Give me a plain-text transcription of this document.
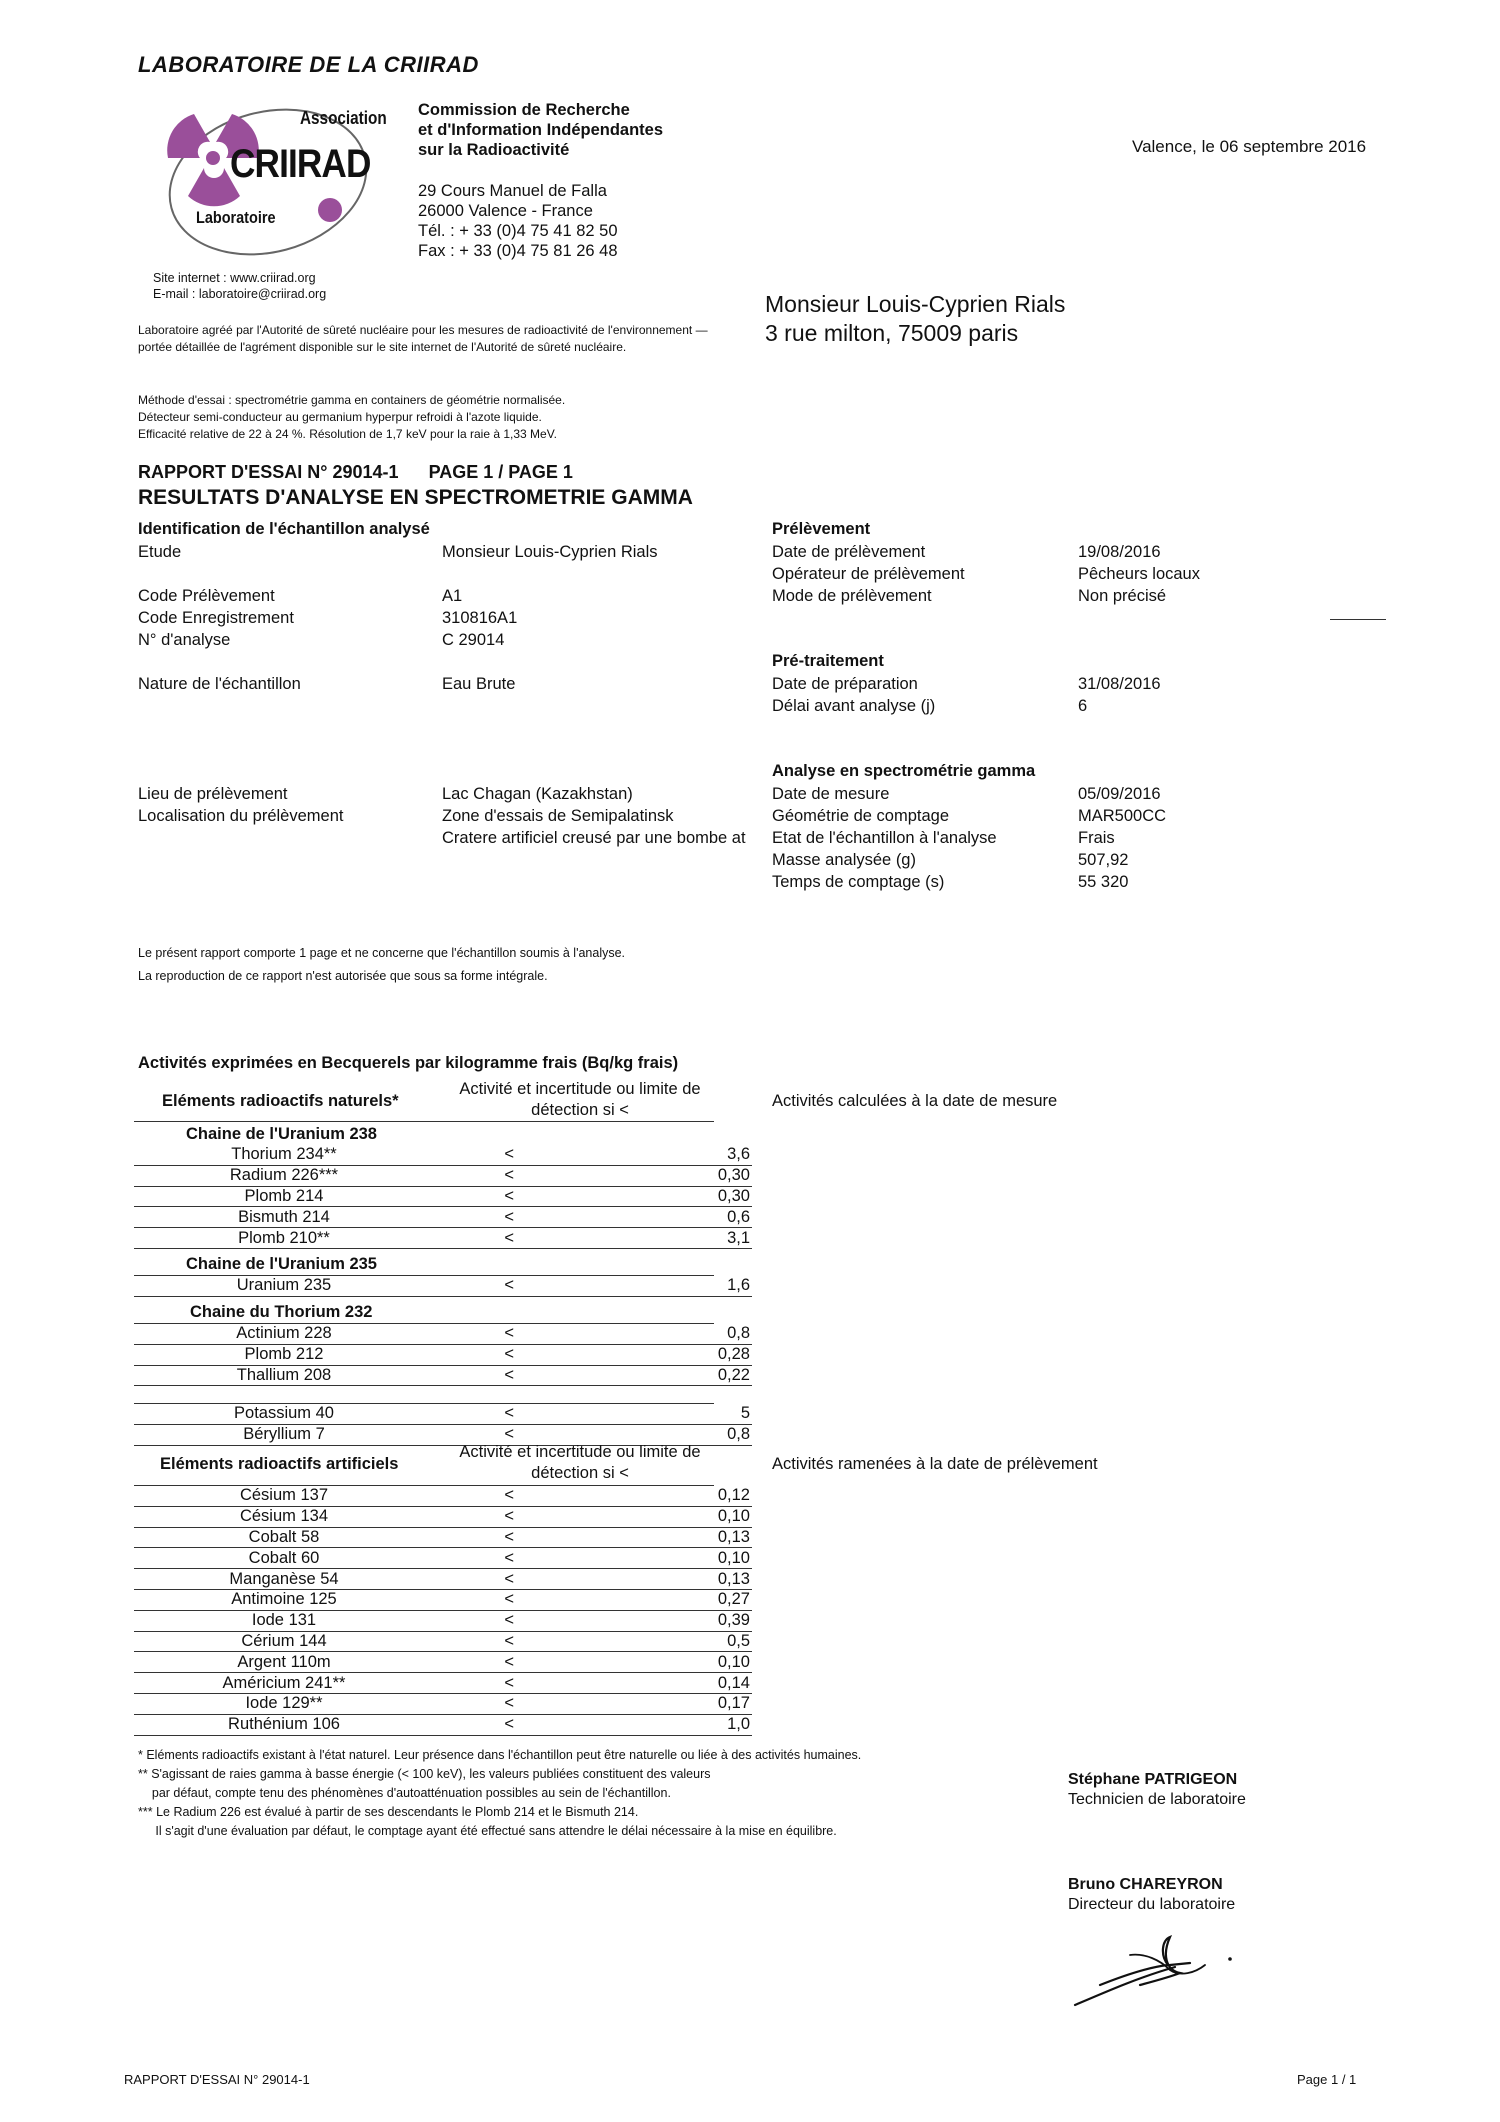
LABORATOIRE DE LA CRIIRAD
Association
CRIIRAD
Laboratoire
Commission de Recherche
et d'Information Indépendantes
sur la Radioactivité
29 Cours Manuel de Falla
26000 Valence - France
Tél. : + 33 (0)4 75 41 82 50
Fax : + 33 (0)4 75 81 26 48
Site internet : www.criirad.org
E-mail : laboratoire@criirad.org
Valence, le 06 septembre 2016
Laboratoire agréé par l'Autorité de sûreté nucléaire pour les mesures de radioactivité de l'environnement — portée détaillée de l'agrément disponible sur le site internet de l'Autorité de sûreté nucléaire.
Méthode d'essai : spectrométrie gamma en containers de géométrie normalisée.
Détecteur semi-conducteur au germanium hyperpur refroidi à l'azote liquide.
Efficacité relative de 22 à 24 %. Résolution de 1,7 keV pour la raie à 1,33 MeV.
Monsieur Louis-Cyprien Rials
3 rue milton, 75009 paris
RAPPORT D'ESSAI N° 29014-1      PAGE 1 / PAGE 1
RESULTATS D'ANALYSE EN SPECTROMETRIE GAMMA
Identification de l'échantillon analysé
Etude	Monsieur Louis-Cyprien Rials
Code Prélèvement	A1
Code Enregistrement	310816A1
N° d'analyse	C 29014
Nature de l'échantillon	Eau Brute
Lieu de prélèvement	Lac Chagan (Kazakhstan)
Localisation du prélèvement	Zone d'essais de Semipalatinsk
Cratere artificiel creusé par une bombe at
Prélèvement
Date de prélèvement	19/08/2016
Opérateur de prélèvement	Pêcheurs locaux
Mode de prélèvement	Non précisé
Pré-traitement
Date de préparation	31/08/2016
Délai avant analyse (j)	6
Analyse en spectrométrie gamma
Date de mesure	05/09/2016
Géométrie de comptage	MAR500CC
Etat de l'échantillon à l'analyse	Frais
Masse analysée (g)	507,92
Temps de comptage (s)	55 320
Le présent rapport comporte 1 page et ne concerne que l'échantillon soumis à l'analyse.
La reproduction de ce rapport n'est autorisée que sous sa forme intégrale.
Activités exprimées en Becquerels par kilogramme frais (Bq/kg frais)
Eléments radioactifs naturels*
Activité et incertitude ou limite de
détection si <	Activités calculées à la date de mesure
Chaine de l'Uranium 238
Thorium 234**	<	3,6
Radium 226***	<	0,30
Plomb 214	<	0,30
Bismuth 214	<	0,6
Plomb 210**	<	3,1
Chaine de l'Uranium 235
Uranium 235	<	1,6
Chaine du Thorium 232
Actinium 228	<	0,8
Plomb 212	<	0,28
Thallium 208	<	0,22
Potassium 40	<	5
Béryllium 7	<	0,8
Eléments radioactifs artificiels
Activité et incertitude ou limite de
détection si <	Activités ramenées à la date de prélèvement
Césium 137	<	0,12
Césium 134	<	0,10
Cobalt 58	<	0,13
Cobalt 60	<	0,10
Manganèse 54	<	0,13
Antimoine 125	<	0,27
Iode 131	<	0,39
Cérium 144	<	0,5
Argent 110m	<	0,10
Américium 241**	<	0,14
Iode 129**	<	0,17
Ruthénium 106	<	1,0
* Eléments radioactifs existant à l'état naturel. Leur présence dans l'échantillon peut être naturelle ou liée à des activités humaines.
** S'agissant de raies gamma à basse énergie (< 100 keV), les valeurs publiées constituent des valeurs
par défaut, compte tenu des phénomènes d'autoatténuation possibles au sein de l'échantillon.
*** Le Radium 226 est évalué à partir de ses descendants le Plomb 214 et le Bismuth 214.
Il s'agit d'une évaluation par défaut, le comptage ayant été effectué sans attendre le délai nécessaire à la mise en équilibre.
Stéphane PATRIGEON
Technicien de laboratoire
Bruno CHAREYRON
Directeur du laboratoire
RAPPORT D'ESSAI N° 29014-1	Page 1 / 1
